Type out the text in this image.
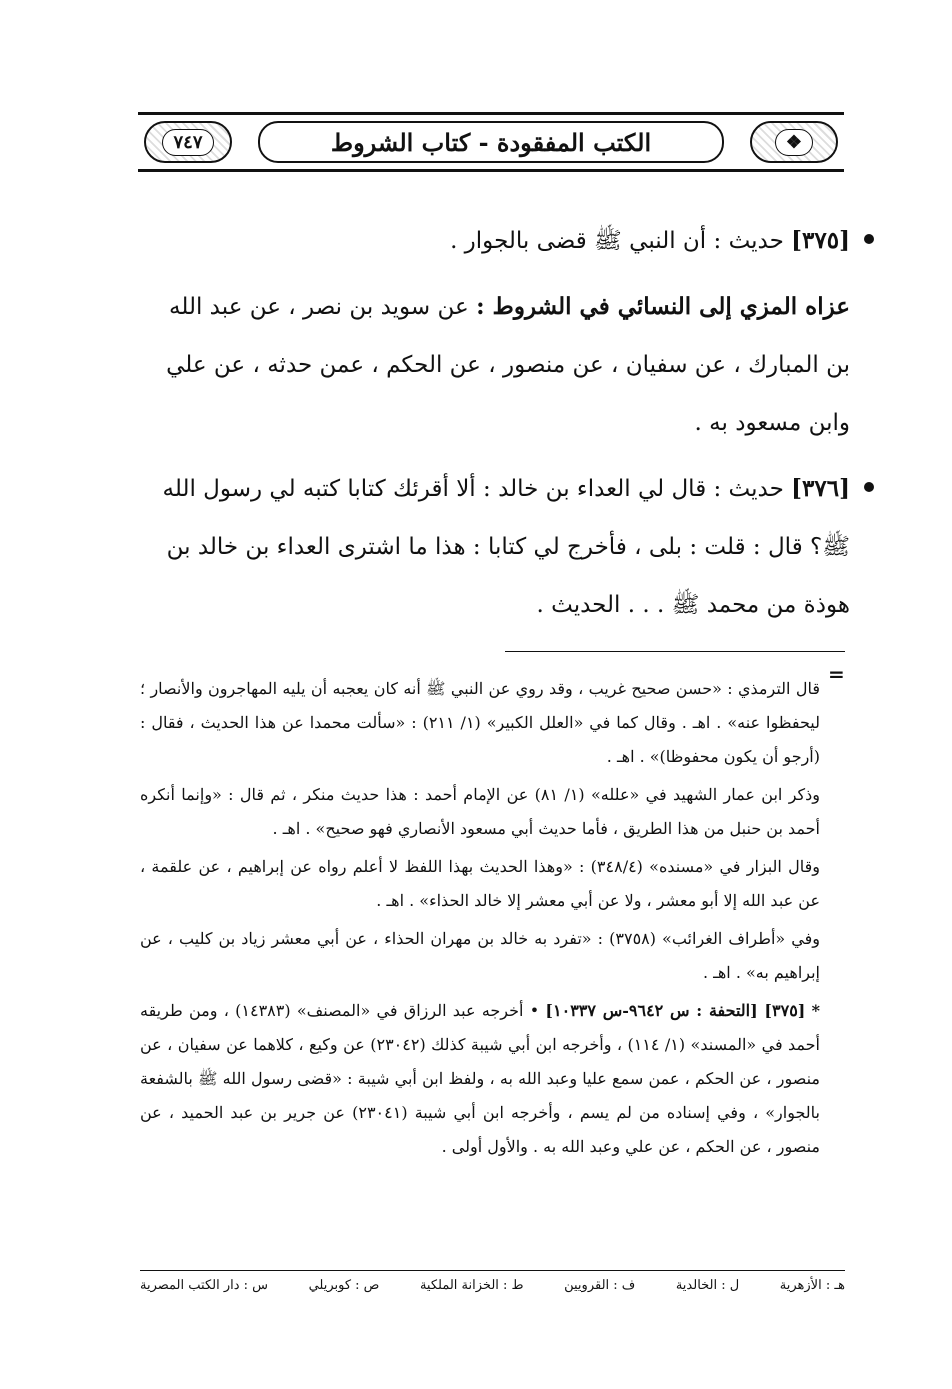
٧٤٧	الكتب المفقودة - كتاب الشروط	❖
[٣٧٥] حديث : أن النبي ﷺ قضى بالجوار .
عزاه المزي إلى النسائي في الشروط : عن سويد بن نصر ، عن عبد الله بن المبارك ، عن سفيان ، عن منصور ، عن الحكم ، عمن حدثه ، عن علي وابن مسعود به .
[٣٧٦] حديث : قال لي العداء بن خالد : ألا أقرئك كتابا كتبه لي رسول الله ﷺ؟ قال : قلت : بلى ، فأخرج لي كتابا : هذا ما اشترى العداء بن خالد بن هوذة من محمد ﷺ . . . الحديث .
=
قال الترمذي : «حسن صحيح غريب ، وقد روي عن النبي ﷺ أنه كان يعجبه أن يليه المهاجرون والأنصار ؛ ليحفظوا عنه» . اهـ . وقال كما في «العلل الكبير» (١/ ٢١١) : «سألت محمدا عن هذا الحديث ، فقال : (أرجو أن يكون محفوظا)» . اهـ .
وذكر ابن عمار الشهيد في «علله» (١/ ٨١) عن الإمام أحمد : هذا حديث منكر ، ثم قال : «وإنما أنكره أحمد بن حنبل من هذا الطريق ، فأما حديث أبي مسعود الأنصاري فهو صحيح» . اهـ .
وقال البزار في «مسنده» (٣٤٨/٤) : «وهذا الحديث بهذا اللفظ لا أعلم رواه عن إبراهيم ، عن علقمة ، عن عبد الله إلا أبو معشر ، ولا عن أبي معشر إلا خالد الحذاء» . اهـ .
وفي «أطراف الغرائب» (٣٧٥٨) : «تفرد به خالد بن مهران الحذاء ، عن أبي معشر زياد بن كليب ، عن إبراهيم به» . اهـ .
* [٣٧٥] [التحفة : س ٩٦٤٢-س ١٠٣٣٧] • أخرجه عبد الرزاق في «المصنف» (١٤٣٨٣) ، ومن طريقه أحمد في «المسند» (١/ ١١٤) ، وأخرجه ابن أبي شيبة كذلك (٢٣٠٤٢) عن وكيع ، كلاهما عن سفيان ، عن منصور ، عن الحكم ، عمن سمع عليا وعبد الله به ، ولفظ ابن أبي شيبة : «قضى رسول الله ﷺ بالشفعة بالجوار» ، وفي إسناده من لم يسم ، وأخرجه ابن أبي شيبة (٢٣٠٤١) عن جرير بن عبد الحميد ، عن منصور ، عن الحكم ، عن علي وعبد الله به . والأول أولى .
س : دار الكتب المصرية	ص : كوبريلي	ط : الخزانة الملكية	ف : القرويين	ل : الخالدية	هـ : الأزهرية
